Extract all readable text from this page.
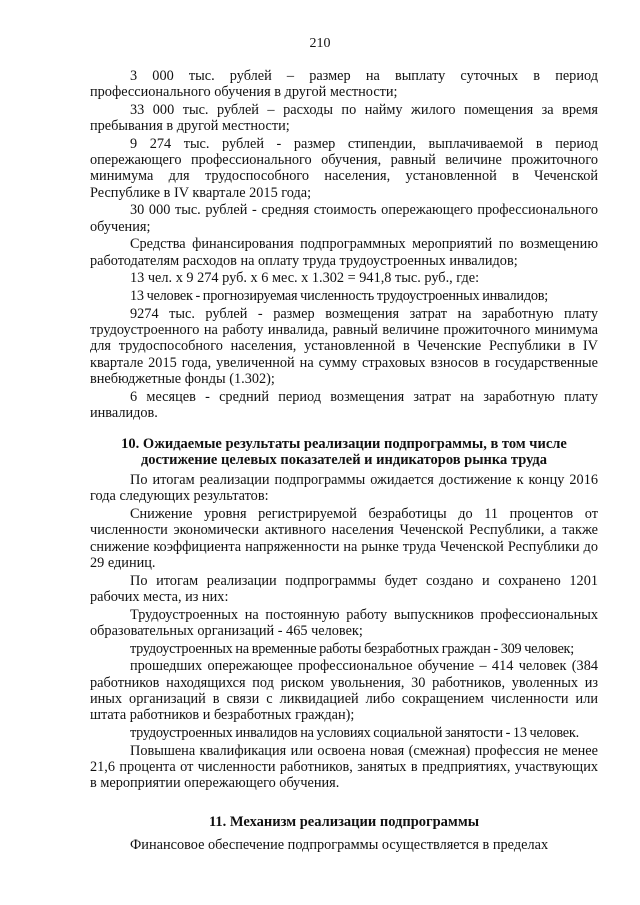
210

3 000 тыс. рублей – размер на выплату суточных в период профессионального обучения в другой местности;

33 000 тыс. рублей – расходы по найму жилого помещения за время пребывания в другой местности;

9 274 тыс. рублей - размер стипендии, выплачиваемой в период опережающего профессионального обучения, равный величине прожиточного минимума для трудоспособного населения, установленной в Чеченской Республике в IV квартале 2015 года;

30 000 тыс. рублей - средняя стоимость опережающего профессионального обучения;

Средства финансирования подпрограммных мероприятий по возмещению работодателям расходов на оплату труда трудоустроенных инвалидов;

13 чел. x 9 274 руб. x 6 мес. x 1.302 = 941,8 тыс. руб., где:

13 человек - прогнозируемая численность трудоустроенных инвалидов;

9274 тыс. рублей - размер возмещения затрат на заработную плату трудоустроенного на работу инвалида, равный величине прожиточного минимума для трудоспособного населения, установленной в Чеченские Республики в IV квартале 2015 года, увеличенной на сумму страховых взносов в государственные внебюджетные фонды (1.302);

6 месяцев - средний период возмещения затрат на заработную плату инвалидов.

10. Ожидаемые результаты реализации подпрограммы, в том числе достижение целевых показателей и индикаторов рынка труда

По итогам реализации подпрограммы ожидается достижение к концу 2016 года следующих результатов:

Снижение уровня регистрируемой безработицы до 11 процентов от численности экономически активного населения Чеченской Республики, а также снижение коэффициента напряженности на рынке труда Чеченской Республики до 29 единиц.

По итогам реализации подпрограммы будет создано и сохранено 1201 рабочих места, из них:

Трудоустроенных на постоянную работу выпускников профессиональных образовательных организаций - 465 человек;

трудоустроенных на временные работы безработных граждан - 309 человек;

прошедших опережающее профессиональное обучение – 414 человек (384 работников находящихся под риском увольнения, 30 работников, уволенных из иных организаций в связи с ликвидацией либо сокращением численности или штата работников и безработных граждан);

трудоустроенных инвалидов на условиях социальной занятости - 13 человек.

Повышена квалификация или освоена новая (смежная) профессия не менее 21,6 процента от численности работников, занятых в предприятиях, участвующих в мероприятии опережающего обучения.

11. Механизм реализации подпрограммы

Финансовое обеспечение подпрограммы осуществляется в пределах
